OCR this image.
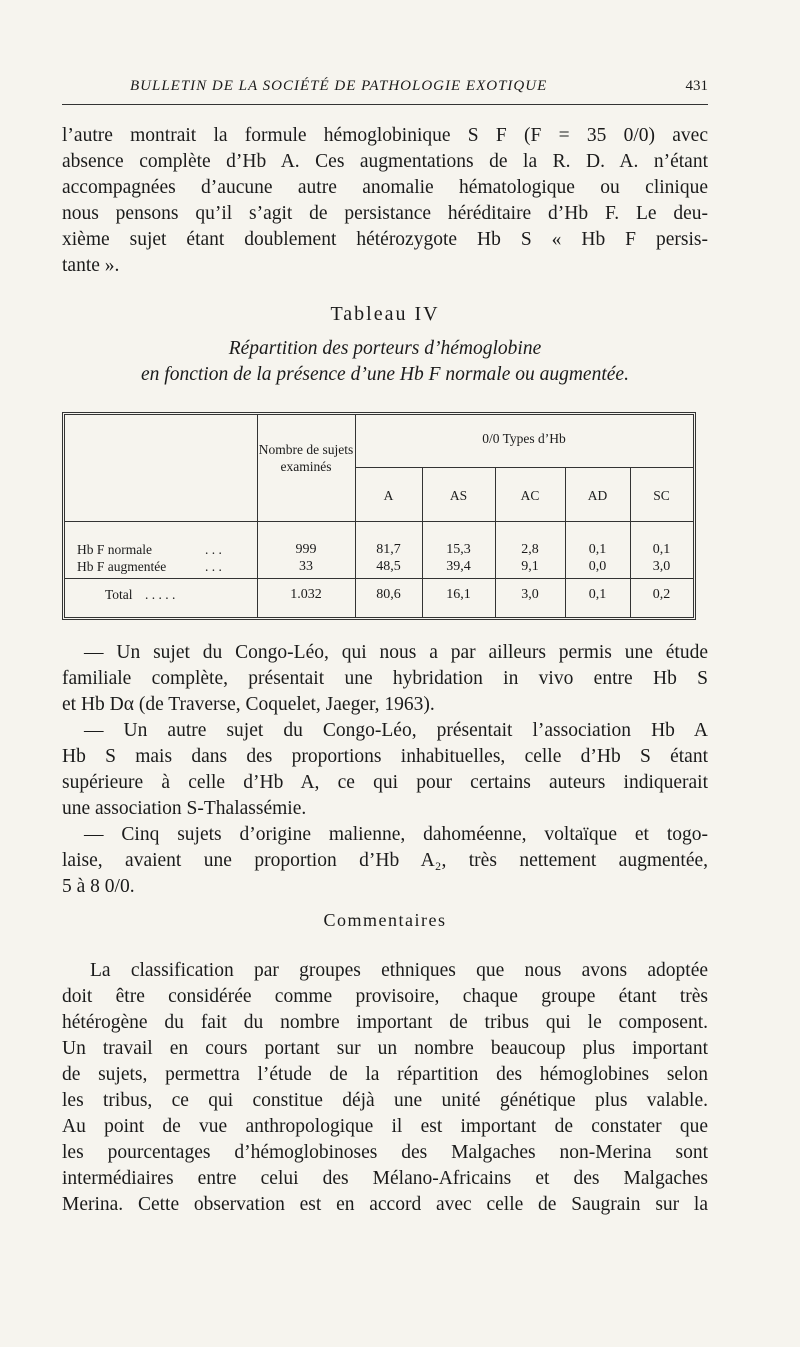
BULLETIN DE LA SOCIÉTÉ DE PATHOLOGIE EXOTIQUE	431
l’autre montrait la formule hémoglobinique S F (F = 35 0/0) avec
absence complète d’Hb A. Ces augmentations de la R. D. A. n’étant
accompagnées d’aucune autre anomalie hématologique ou clinique
nous pensons qu’il s’agit de persistance héréditaire d’Hb F. Le deu-
xième sujet étant doublement hétérozygote Hb S « Hb F persis-
tante ».
Tableau IV
Répartition des porteurs d’hémoglobine
en fonction de la présence d’une Hb F normale ou augmentée.
Nombre de sujets examinés
0/0 Types d’Hb
A	AS	AC	AD	SC
Hb F normale	. . .	999	81,7	15,3	2,8	0,1	0,1
Hb F augmentée	. . .	33	48,5	39,4	9,1	0,0	3,0
Total . . . . .	1.032	80,6	16,1	3,0	0,1	0,2
— Un sujet du Congo-Léo, qui nous a par ailleurs permis une étude
familiale complète, présentait une hybridation in vivo entre Hb S
et Hb Dα (de Traverse, Coquelet, Jaeger, 1963).
— Un autre sujet du Congo-Léo, présentait l’association Hb A
Hb S mais dans des proportions inhabituelles, celle d’Hb S étant
supérieure à celle d’Hb A, ce qui pour certains auteurs indiquerait
une association S-Thalassémie.
— Cinq sujets d’origine malienne, dahoméenne, voltaïque et togo-
laise, avaient une proportion d’Hb A₂, très nettement augmentée,
5 à 8 0/0.
Commentaires
La classification par groupes ethniques que nous avons adoptée
doit être considérée comme provisoire, chaque groupe étant très
hétérogène du fait du nombre important de tribus qui le composent.
Un travail en cours portant sur un nombre beaucoup plus important
de sujets, permettra l’étude de la répartition des hémoglobines selon
les tribus, ce qui constitue déjà une unité génétique plus valable.
Au point de vue anthropologique il est important de constater que
les pourcentages d’hémoglobinoses des Malgaches non-Merina sont
intermédiaires entre celui des Mélano-Africains et des Malgaches
Merina. Cette observation est en accord avec celle de Saugrain sur la
